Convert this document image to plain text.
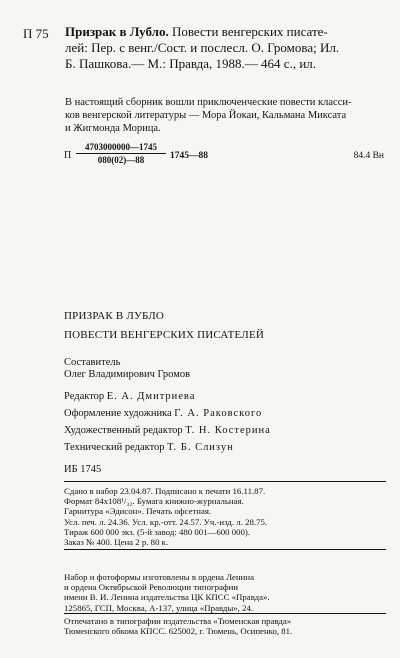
П 75 Призрак в Лубло. Повести венгерских писате-
лей: Пер. с венг./Сост. и послесл. О. Громова; Ил.
Б. Пашкова.— М.: Правда, 1988.— 464 с., ил.
В настоящий сборник вошли приключенческие повести класси-
ков венгерской литературы — Мора Йокаи, Кальмана Миксата
и Жигмонда Морица.
П $\frac{4703000000—1745}{080(02)—88}$ 1745—88	84.4 Вн
ПРИЗРАК В ЛУБЛО
ПОВЕСТИ ВЕНГЕРСКИХ ПИСАТЕЛЕЙ
Составитель
Олег Владимирович Громов
Редактор Е. А. Дмитриева
Оформление художника Г. А. Раковского
Художественный редактор Т. Н. Костерина
Технический редактор Т. Б. Слизун
ИБ 1745
Сдано в набор 23.04.87. Подписано к печати 16.11.87.
Формат 84x108¹/₃₂. Бумага книжно-журнальная.
Гарнитура «Эдисон». Печать офсетная.
Усл. печ. л. 24.36. Усл. кр.-отт. 24.57. Уч.-изд. л. 28.75.
Тираж 600 000 экз. (5-й завод: 480 001—600 000).
Заказ № 400. Цена 2 р. 80 к.
Набор и фотоформы изготовлены в ордена Ленина
и ордена Октябрьской Революции типографии
имени В. И. Ленина издательства ЦК КПСС «Правда».
125865, ГСП, Москва, А-137, улица «Правды», 24.
Отпечатано в типографии издательства «Тюменская правда»
Тюменского обкома КПСС. 625002, г. Тюмень, Осипенко, 81.
